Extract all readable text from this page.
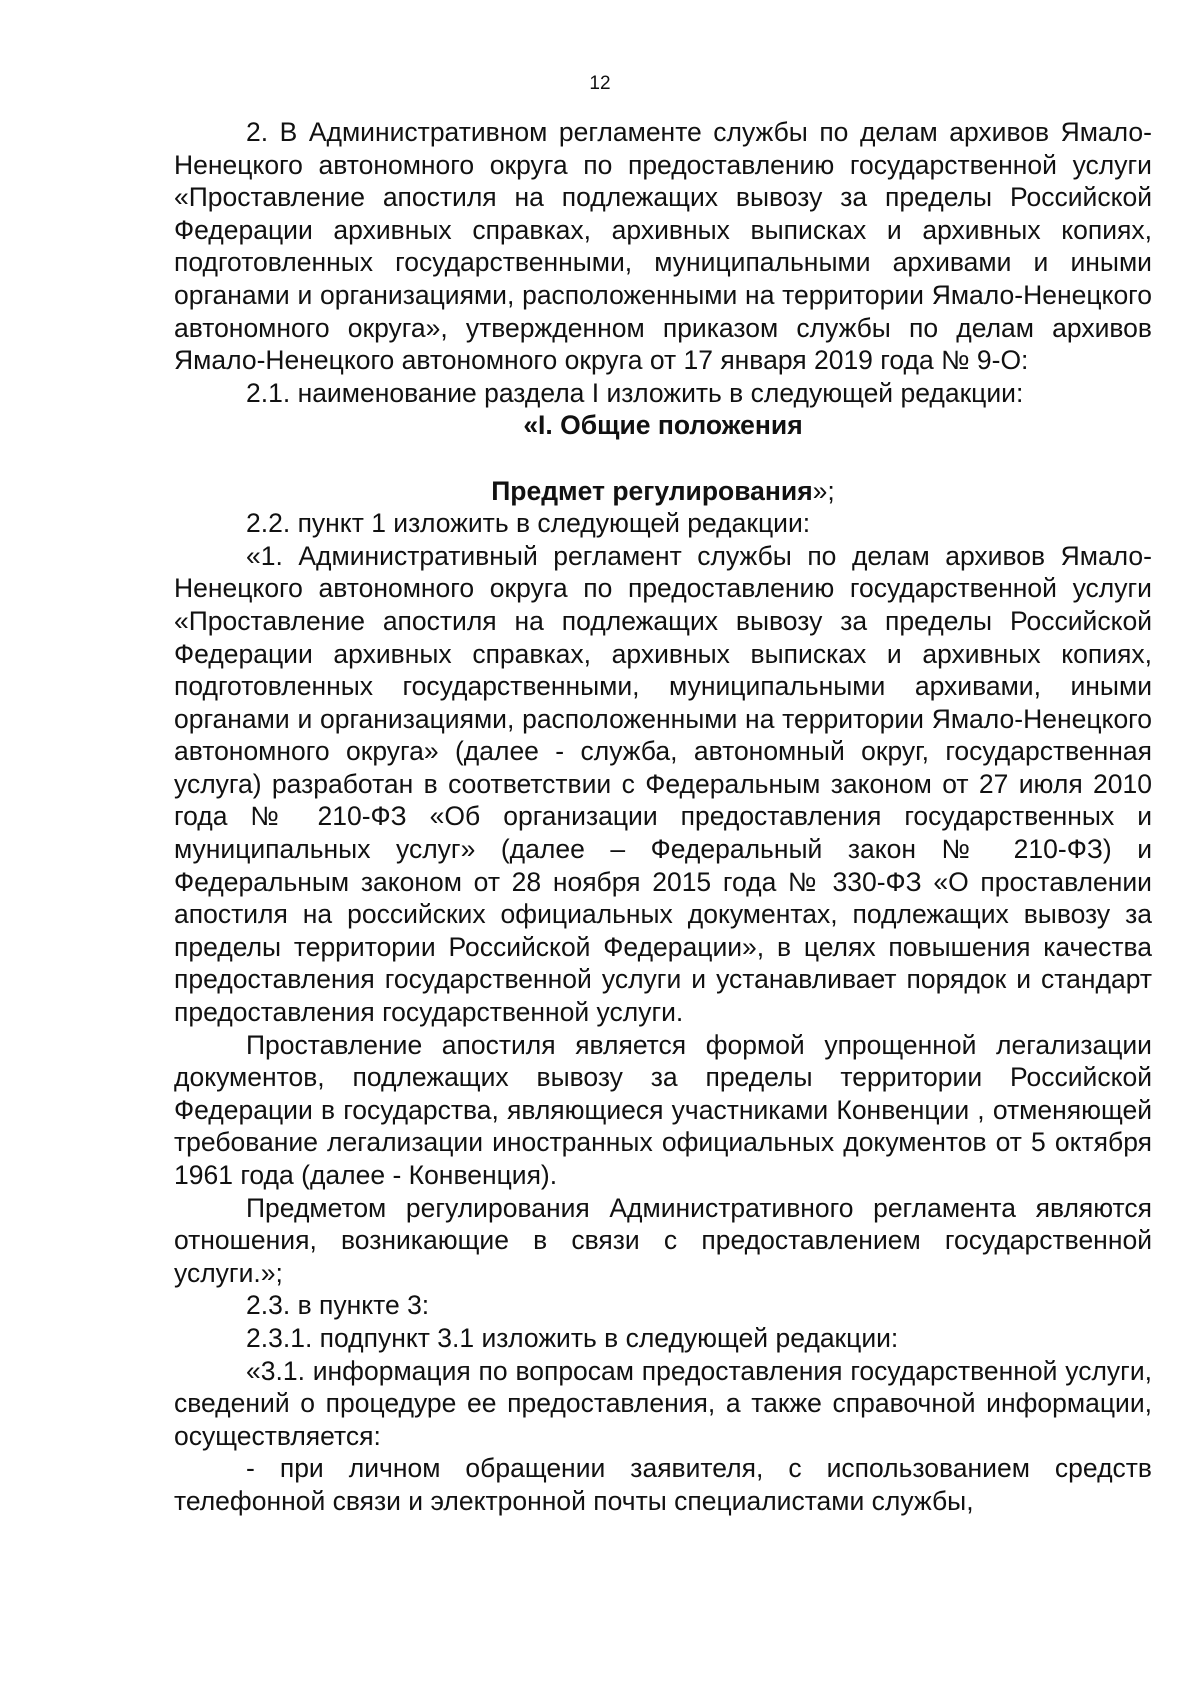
12

2. В Административном регламенте службы по делам архивов Ямало-Ненецкого автономного округа по предоставлению государственной услуги «Проставление апостиля на подлежащих вывозу за пределы Российской Федерации архивных справках, архивных выписках и архивных копиях, подготовленных государственными, муниципальными архивами и иными органами и организациями, расположенными на территории Ямало-Ненецкого автономного округа», утвержденном приказом службы по делам архивов Ямало-Ненецкого автономного округа от 17 января 2019 года № 9-О:

2.1. наименование раздела I изложить в следующей редакции:

«I. Общие положения

Предмет регулирования»;

2.2. пункт 1 изложить в следующей редакции:

«1. Административный регламент службы по делам архивов Ямало-Ненецкого автономного округа по предоставлению государственной услуги «Проставление апостиля на подлежащих вывозу за пределы Российской Федерации архивных справках, архивных выписках и архивных копиях, подготовленных государственными, муниципальными архивами, иными органами и организациями, расположенными на территории Ямало-Ненецкого автономного округа» (далее - служба, автономный округ, государственная услуга) разработан в соответствии с Федеральным законом от 27 июля 2010 года № 210-ФЗ «Об организации предоставления государственных и муниципальных услуг» (далее – Федеральный закон № 210-ФЗ) и Федеральным законом от 28 ноября 2015 года № 330-ФЗ «О проставлении апостиля на российских официальных документах, подлежащих вывозу за пределы территории Российской Федерации», в целях повышения качества предоставления государственной услуги и устанавливает порядок и стандарт предоставления государственной услуги.

Проставление апостиля является формой упрощенной легализации документов, подлежащих вывозу за пределы территории Российской Федерации в государства, являющиеся участниками Конвенции , отменяющей требование легализации иностранных официальных документов от 5 октября 1961 года (далее - Конвенция).

Предметом регулирования Административного регламента являются отношения, возникающие в связи с предоставлением государственной услуги.»;

2.3. в пункте 3:

2.3.1. подпункт 3.1 изложить в следующей редакции:

«3.1. информация по вопросам предоставления государственной услуги, сведений о процедуре ее предоставления, а также справочной информации, осуществляется:

- при личном обращении заявителя, с использованием средств телефонной связи и электронной почты специалистами службы,
